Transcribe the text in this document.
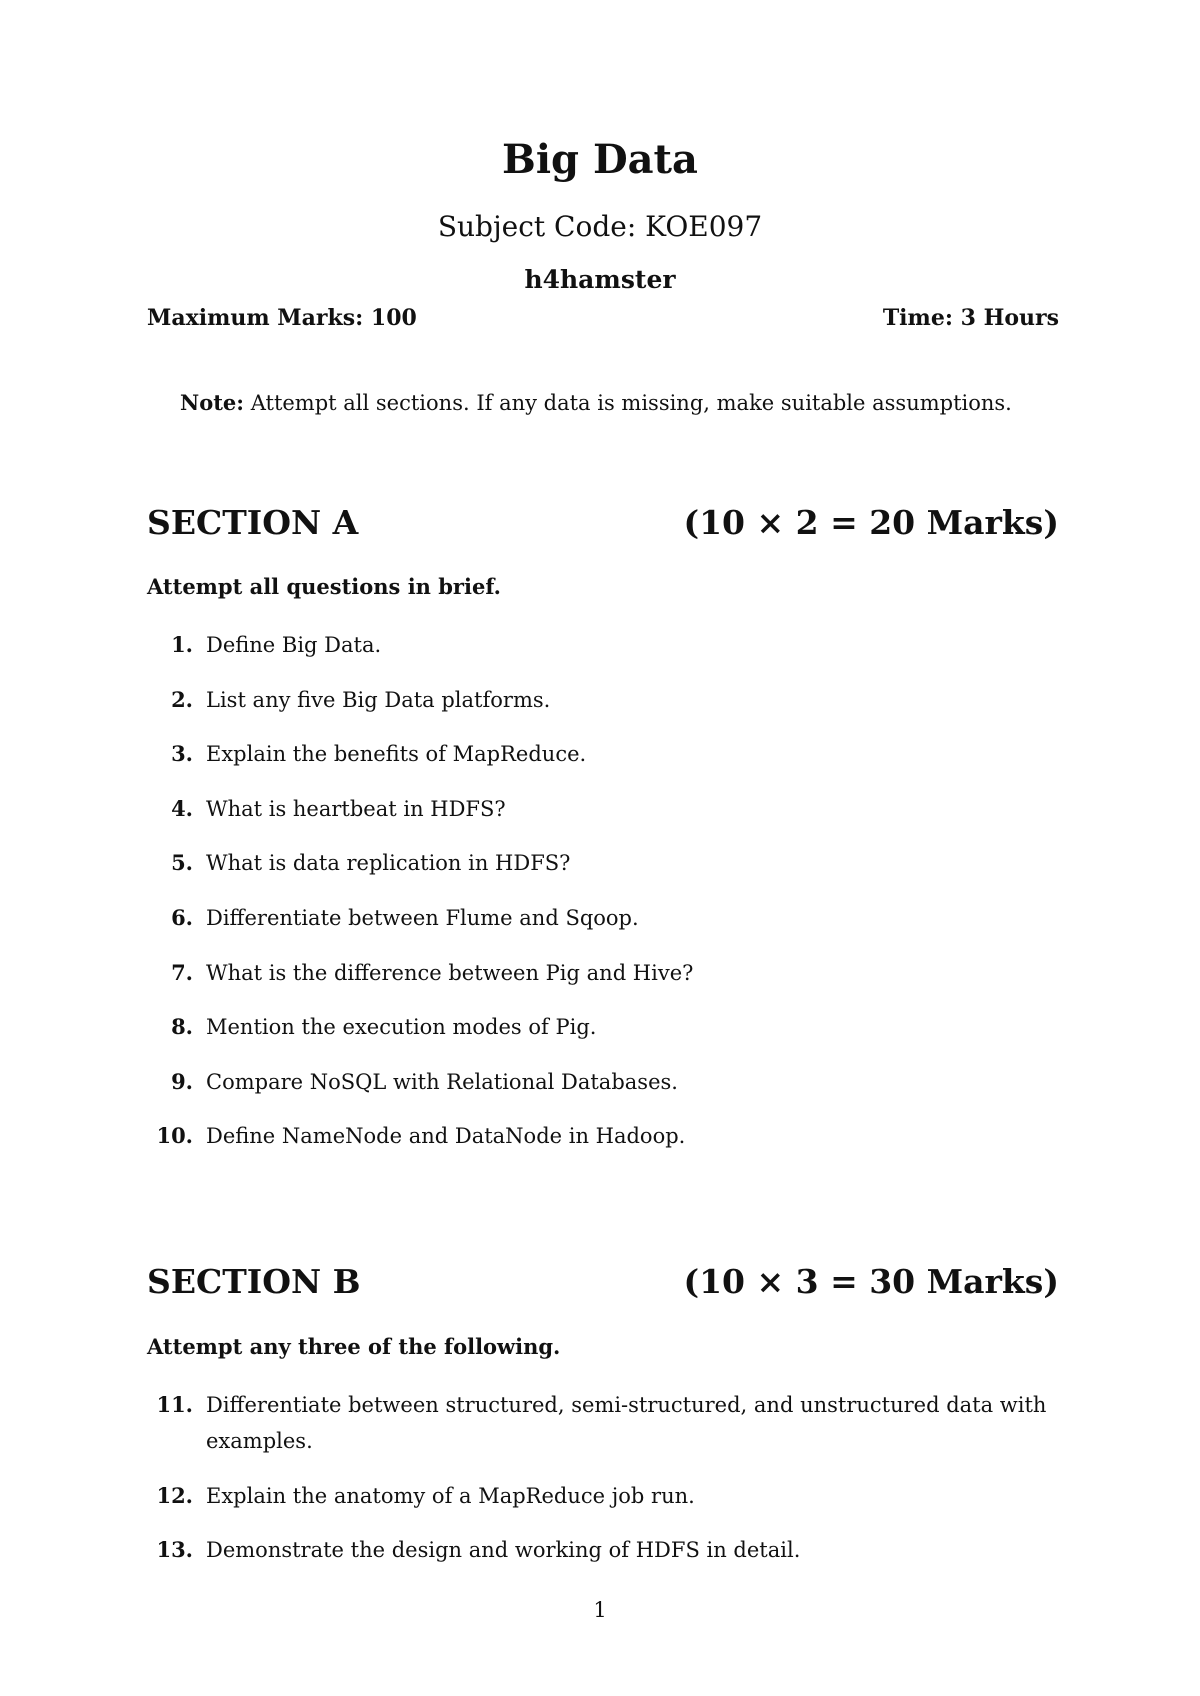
Big Data
Subject Code: KOE097
h4hamster
Maximum Marks: 100	Time: 3 Hours
Note: Attempt all sections. If any data is missing, make suitable assumptions.
SECTION A	(10 × 2 = 20 Marks)
Attempt all questions in brief.
1. Define Big Data.
2. List any five Big Data platforms.
3. Explain the benefits of MapReduce.
4. What is heartbeat in HDFS?
5. What is data replication in HDFS?
6. Differentiate between Flume and Sqoop.
7. What is the difference between Pig and Hive?
8. Mention the execution modes of Pig.
9. Compare NoSQL with Relational Databases.
10. Define NameNode and DataNode in Hadoop.
SECTION B	(10 × 3 = 30 Marks)
Attempt any three of the following.
11. Differentiate between structured, semi-structured, and unstructured data with examples.
12. Explain the anatomy of a MapReduce job run.
13. Demonstrate the design and working of HDFS in detail.
1
